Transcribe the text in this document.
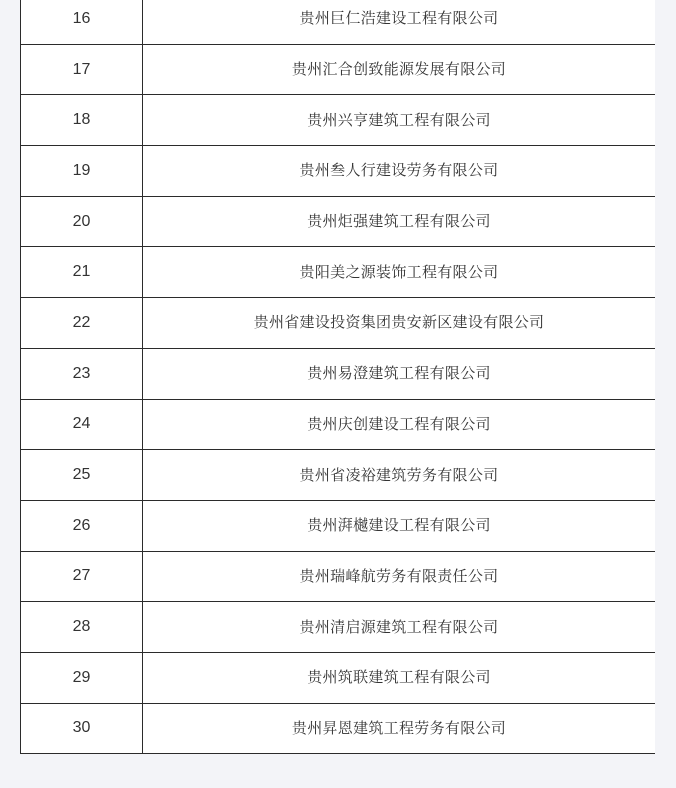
16	贵州巨仁浩建设工程有限公司
17	贵州汇合创致能源发展有限公司
18	贵州兴亨建筑工程有限公司
19	贵州叁人行建设劳务有限公司
20	贵州炬强建筑工程有限公司
21	贵阳美之源装饰工程有限公司
22	贵州省建设投资集团贵安新区建设有限公司
23	贵州易澄建筑工程有限公司
24	贵州庆创建设工程有限公司
25	贵州省凌裕建筑劳务有限公司
26	贵州湃樾建设工程有限公司
27	贵州瑞峰航劳务有限责任公司
28	贵州清启源建筑工程有限公司
29	贵州筑联建筑工程有限公司
30	贵州昇恩建筑工程劳务有限公司
